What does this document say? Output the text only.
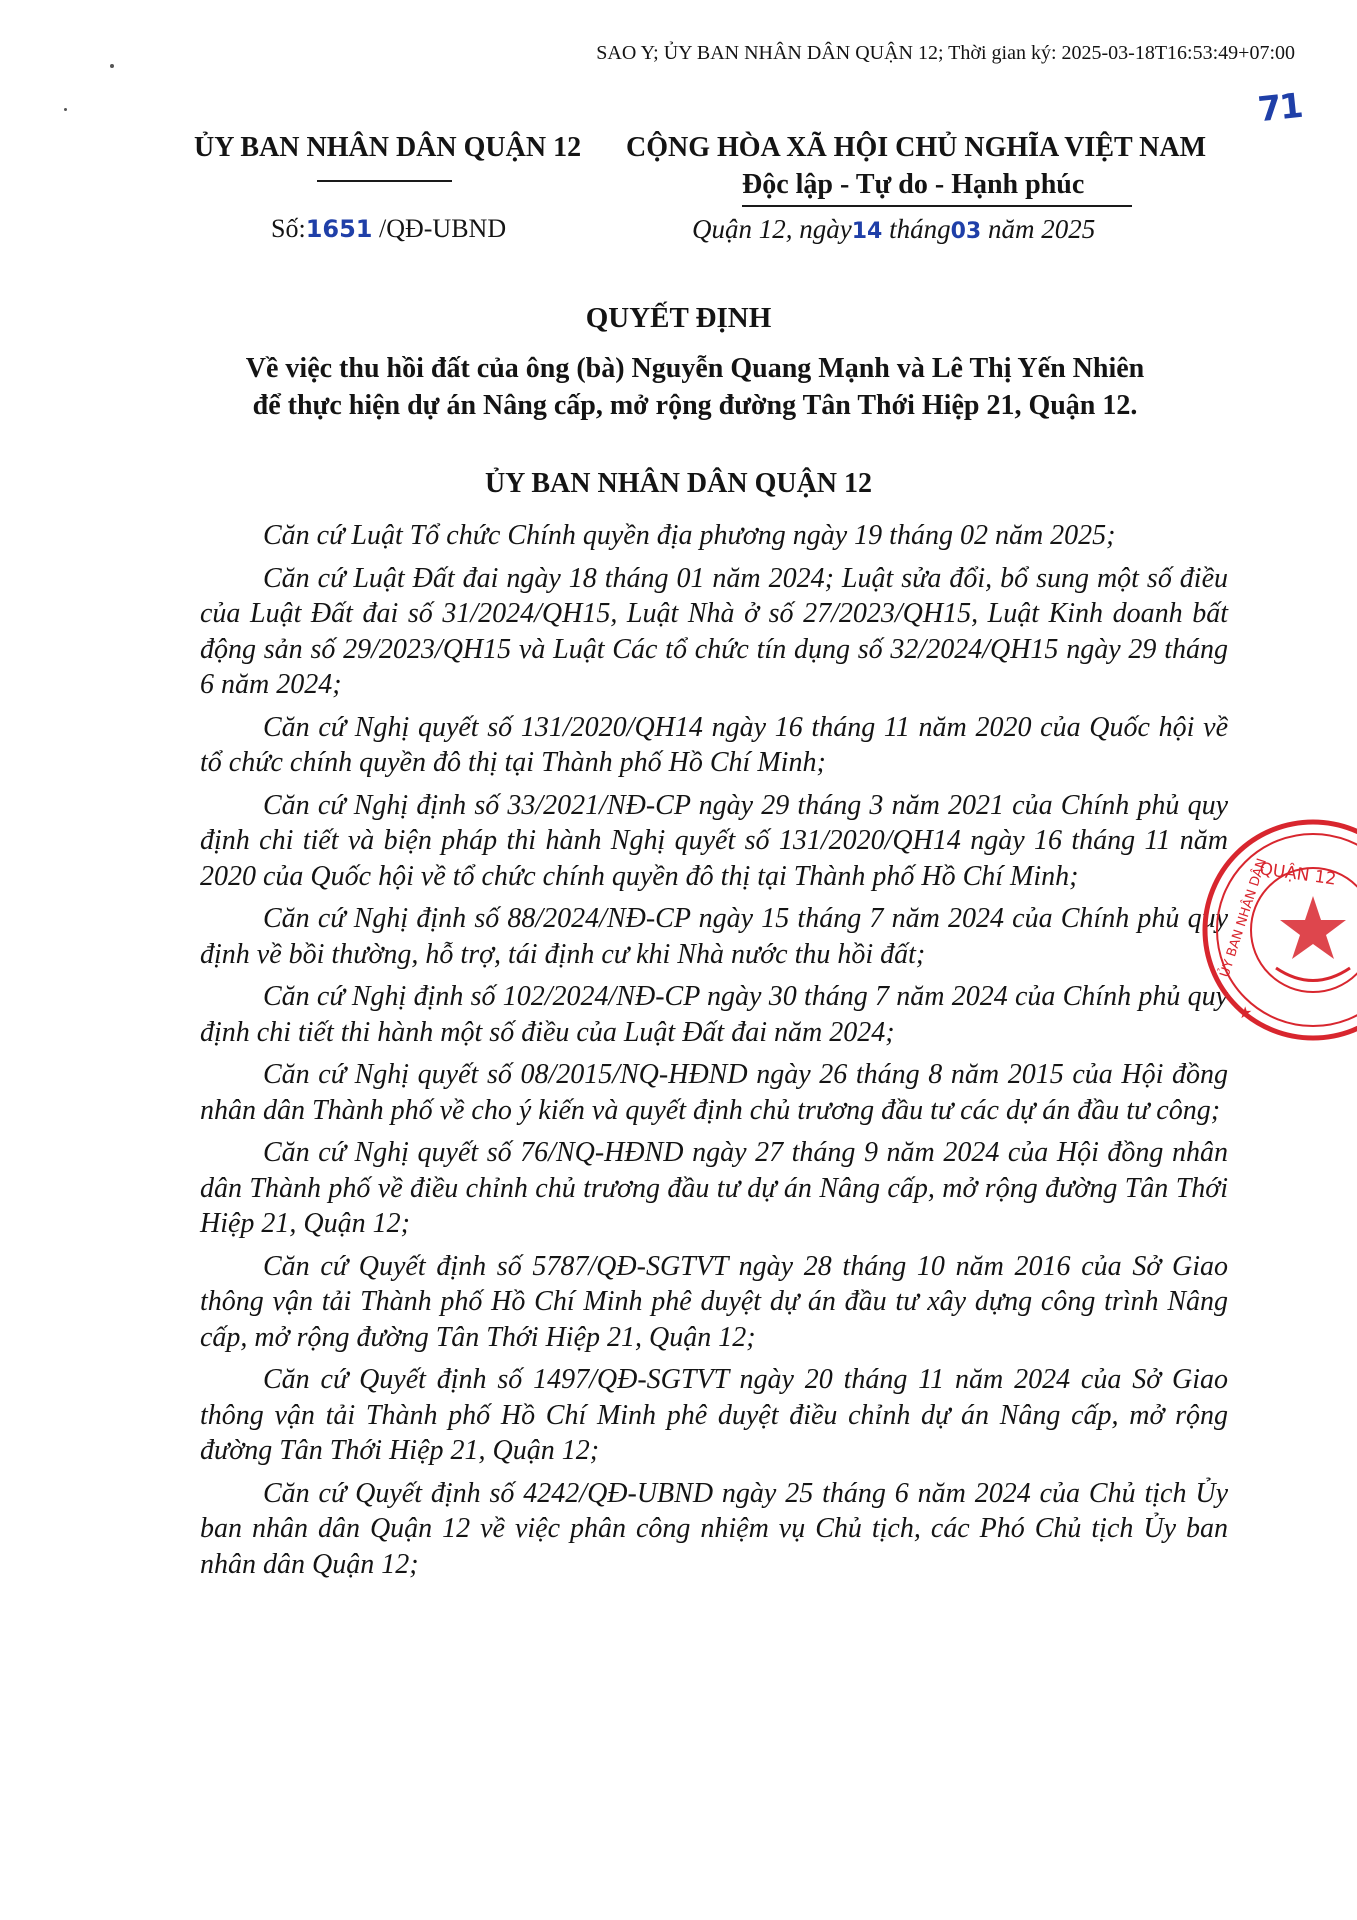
SAO Y; ỦY BAN NHÂN DÂN QUẬN 12; Thời gian ký: 2025-03-18T16:53:49+07:00
71
ỦY BAN NHÂN DÂN QUẬN 12
Số:1651 /QĐ-UBND
CỘNG HÒA XÃ HỘI CHỦ NGHĨA VIỆT NAM
Độc lập - Tự do - Hạnh phúc
Quận 12, ngày14 tháng03 năm 2025
QUYẾT ĐỊNH
Về việc thu hồi đất của ông (bà) Nguyễn Quang Mạnh và Lê Thị Yến Nhiên
để thực hiện dự án Nâng cấp, mở rộng đường Tân Thới Hiệp 21, Quận 12.
ỦY BAN NHÂN DÂN QUẬN 12

Căn cứ Luật Tổ chức Chính quyền địa phương ngày 19 tháng 02 năm 2025;

Căn cứ Luật Đất đai ngày 18 tháng 01 năm 2024; Luật sửa đổi, bổ sung một số điều của Luật Đất đai số 31/2024/QH15, Luật Nhà ở số 27/2023/QH15, Luật Kinh doanh bất động sản số 29/2023/QH15 và Luật Các tổ chức tín dụng số 32/2024/QH15 ngày 29 tháng 6 năm 2024;

Căn cứ Nghị quyết số 131/2020/QH14 ngày 16 tháng 11 năm 2020 của Quốc hội về tổ chức chính quyền đô thị tại Thành phố Hồ Chí Minh;

Căn cứ Nghị định số 33/2021/NĐ-CP ngày 29 tháng 3 năm 2021 của Chính phủ quy định chi tiết và biện pháp thi hành Nghị quyết số 131/2020/QH14 ngày 16 tháng 11 năm 2020 của Quốc hội về tổ chức chính quyền đô thị tại Thành phố Hồ Chí Minh;

Căn cứ Nghị định số 88/2024/NĐ-CP ngày 15 tháng 7 năm 2024 của Chính phủ quy định về bồi thường, hỗ trợ, tái định cư khi Nhà nước thu hồi đất;

Căn cứ Nghị định số 102/2024/NĐ-CP ngày 30 tháng 7 năm 2024 của Chính phủ quy định chi tiết thi hành một số điều của Luật Đất đai năm 2024;

Căn cứ Nghị quyết số 08/2015/NQ-HĐND ngày 26 tháng 8 năm 2015 của Hội đồng nhân dân Thành phố về cho ý kiến và quyết định chủ trương đầu tư các dự án đầu tư công;

Căn cứ Nghị quyết số 76/NQ-HĐND ngày 27 tháng 9 năm 2024 của Hội đồng nhân dân Thành phố về điều chỉnh chủ trương đầu tư dự án Nâng cấp, mở rộng đường Tân Thới Hiệp 21, Quận 12;

Căn cứ Quyết định số 5787/QĐ-SGTVT ngày 28 tháng 10 năm 2016 của Sở Giao thông vận tải Thành phố Hồ Chí Minh phê duyệt dự án đầu tư xây dựng công trình Nâng cấp, mở rộng đường Tân Thới Hiệp 21, Quận 12;

Căn cứ Quyết định số 1497/QĐ-SGTVT ngày 20 tháng 11 năm 2024 của Sở Giao thông vận tải Thành phố Hồ Chí Minh phê duyệt điều chỉnh dự án Nâng cấp, mở rộng đường Tân Thới Hiệp 21, Quận 12;

Căn cứ Quyết định số 4242/QĐ-UBND ngày 25 tháng 6 năm 2024 của Chủ tịch Ủy ban nhân dân Quận 12 về việc phân công nhiệm vụ Chủ tịch, các Phó Chủ tịch Ủy ban nhân dân Quận 12;

QUẬN 12
ỦY BAN NHÂN DÂN
★
